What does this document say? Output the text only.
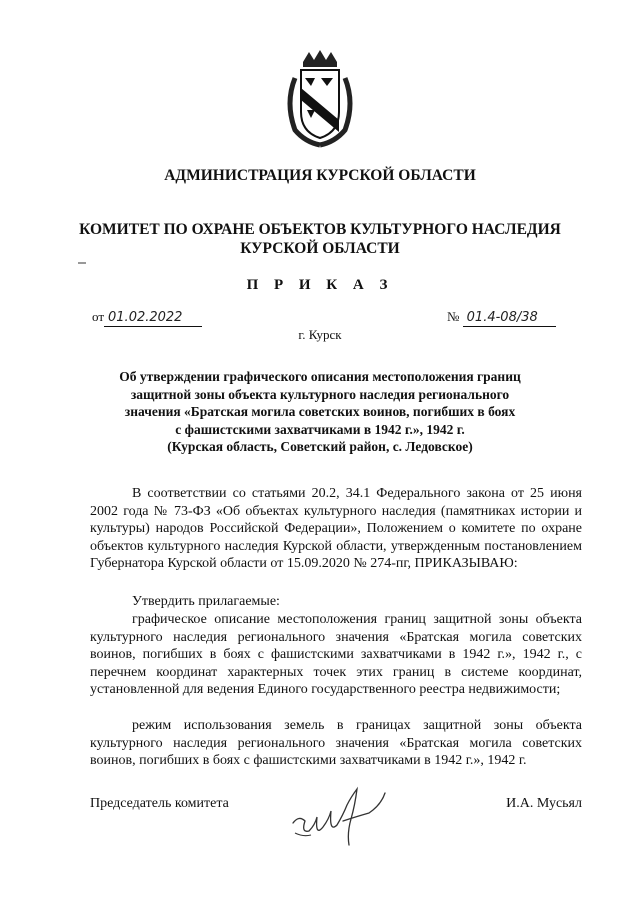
АДМИНИСТРАЦИЯ КУРСКОЙ ОБЛАСТИ
КОМИТЕТ ПО ОХРАНЕ ОБЪЕКТОВ КУЛЬТУРНОГО НАСЛЕДИЯ
КУРСКОЙ ОБЛАСТИ
П Р И К А З
от 01.02.2022	№ 01.4-08/38
г. Курск
Об утверждении графического описания местоположения границ
защитной зоны объекта культурного наследия регионального
значения «Братская могила советских воинов, погибших в боях
с фашистскими захватчиками в 1942 г.», 1942 г.
(Курская область, Советский район, с. Ледовское)
В соответствии со статьями 20.2, 34.1 Федерального закона от 25 июня 2002 года № 73-ФЗ «Об объектах культурного наследия (памятниках истории и культуры) народов Российской Федерации», Положением о комитете по охране объектов культурного наследия Курской области, утвержденным постановлением Губернатора Курской области от 15.09.2020 № 274-пг, ПРИКАЗЫВАЮ:
Утвердить прилагаемые:
графическое описание местоположения границ защитной зоны объекта культурного наследия регионального значения «Братская могила советских воинов, погибших в боях с фашистскими захватчиками в 1942 г.», 1942 г., с перечнем координат характерных точек этих границ в системе координат, установленной для ведения Единого государственного реестра недвижимости;
режим использования земель в границах защитной зоны объекта культурного наследия регионального значения «Братская могила советских воинов, погибших в боях с фашистскими захватчиками в 1942 г.», 1942 г.
Председатель комитета	И.А. Мусьял
